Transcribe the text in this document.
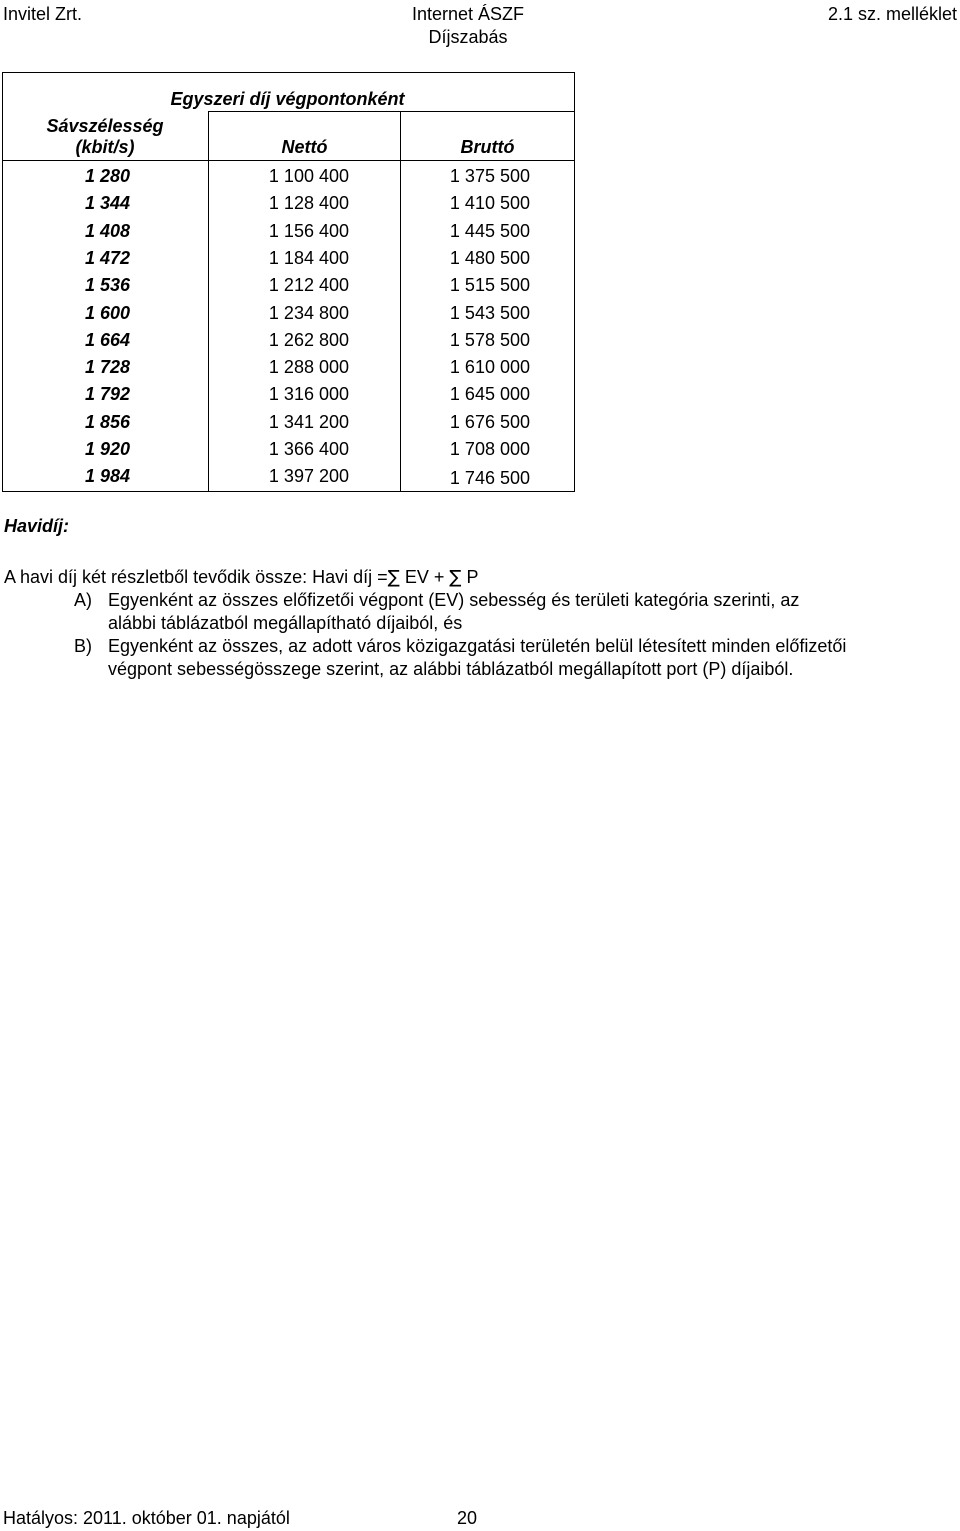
Invitel Zrt.	Internet ÁSZF	2.1 sz. melléklet
Díjszabás
Egyszeri díj végpontonként
Sávszélesség
(kbit/s)	Nettó	Bruttó
1 280	1 100 400	1 375 500
1 344	1 128 400	1 410 500
1 408	1 156 400	1 445 500
1 472	1 184 400	1 480 500
1 536	1 212 400	1 515 500
1 600	1 234 800	1 543 500
1 664	1 262 800	1 578 500
1 728	1 288 000	1 610 000
1 792	1 316 000	1 645 000
1 856	1 341 200	1 676 500
1 920	1 366 400	1 708 000
1 984	1 397 200	1 746 500
Havidíj:
A havi díj két részletből tevődik össze: Havi díj =∑ EV + ∑ P
A) Egyenként az összes előfizetői végpont (EV) sebesség és területi kategória szerinti, az
alábbi táblázatból megállapítható díjaiból, és
B) Egyenként az összes, az adott város közigazgatási területén belül létesített minden előfizetői
végpont sebességösszege szerint, az alábbi táblázatból megállapított port (P) díjaiból.
Hatályos: 2011. október 01. napjától	20
